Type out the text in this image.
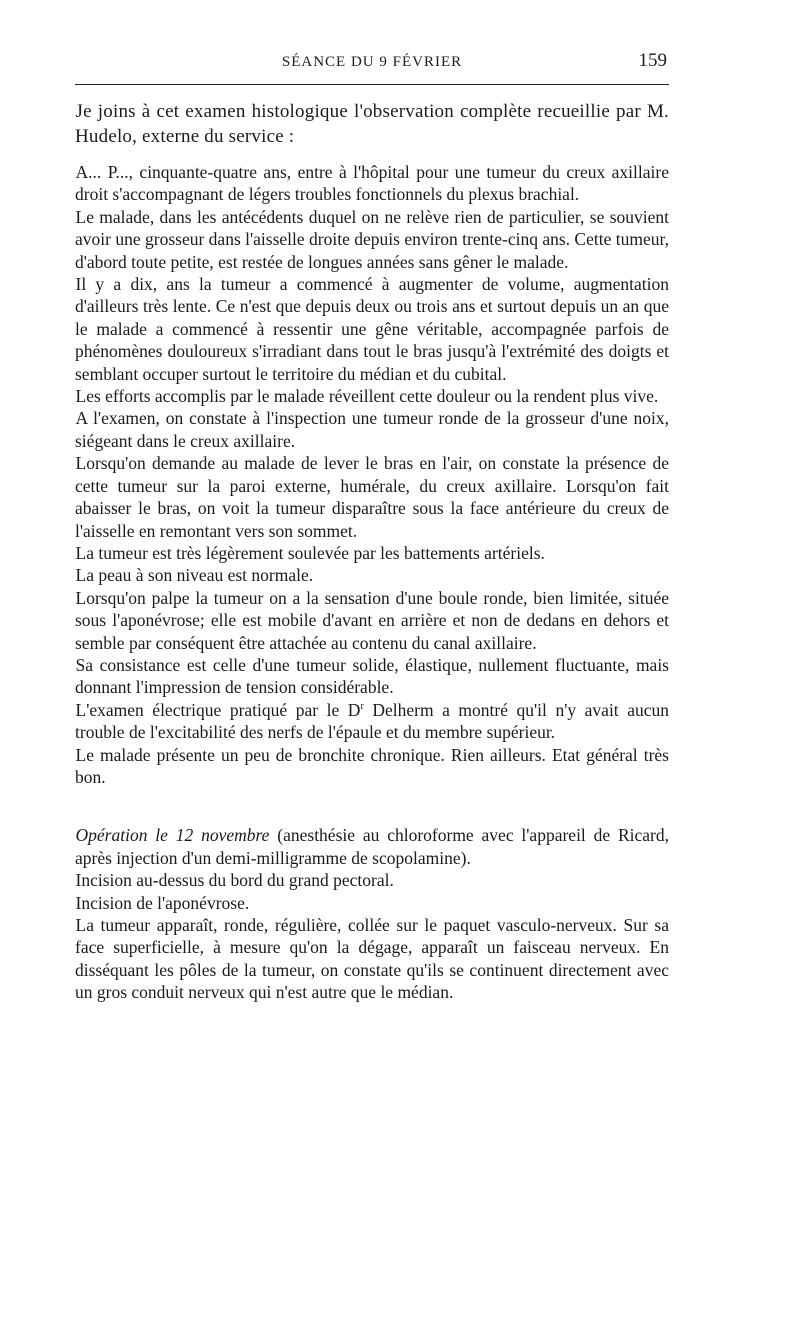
SÉANCE DU 9 FÉVRIER	159

Je joins à cet examen histologique l'observation complète recueillie par M. Hudelo, externe du service :

A... P..., cinquante-quatre ans, entre à l'hôpital pour une tumeur du creux axillaire droit s'accompagnant de légers troubles fonctionnels du plexus brachial.

Le malade, dans les antécédents duquel on ne relève rien de particulier, se souvient avoir une grosseur dans l'aisselle droite depuis environ trente-cinq ans. Cette tumeur, d'abord toute petite, est restée de longues années sans gêner le malade.

Il y a dix, ans la tumeur a commencé à augmenter de volume, augmentation d'ailleurs très lente. Ce n'est que depuis deux ou trois ans et surtout depuis un an que le malade a commencé à ressentir une gêne véritable, accompagnée parfois de phénomènes douloureux s'irradiant dans tout le bras jusqu'à l'extrémité des doigts et semblant occuper surtout le territoire du médian et du cubital.

Les efforts accomplis par le malade réveillent cette douleur ou la rendent plus vive.

A l'examen, on constate à l'inspection une tumeur ronde de la grosseur d'une noix, siégeant dans le creux axillaire.

Lorsqu'on demande au malade de lever le bras en l'air, on constate la présence de cette tumeur sur la paroi externe, humérale, du creux axillaire. Lorsqu'on fait abaisser le bras, on voit la tumeur disparaître sous la face antérieure du creux de l'aisselle en remontant vers son sommet.

La tumeur est très légèrement soulevée par les battements artériels.

La peau à son niveau est normale.

Lorsqu'on palpe la tumeur on a la sensation d'une boule ronde, bien limitée, située sous l'aponévrose; elle est mobile d'avant en arrière et non de dedans en dehors et semble par conséquent être attachée au contenu du canal axillaire.

Sa consistance est celle d'une tumeur solide, élastique, nullement fluctuante, mais donnant l'impression de tension considérable.

L'examen électrique pratiqué par le $D^r$ Delherm a montré qu'il n'y avait aucun trouble de l'excitabilité des nerfs de l'épaule et du membre supérieur.

Le malade présente un peu de bronchite chronique. Rien ailleurs. Etat général très bon.

Opération le 12 novembre (anesthésie au chloroforme avec l'appareil de Ricard, après injection d'un demi-milligramme de scopolamine).

Incision au-dessus du bord du grand pectoral.

Incision de l'aponévrose.

La tumeur apparaît, ronde, régulière, collée sur le paquet vasculo-nerveux. Sur sa face superficielle, à mesure qu'on la dégage, apparaît un faisceau nerveux. En disséquant les pôles de la tumeur, on constate qu'ils se continuent directement avec un gros conduit nerveux qui n'est autre que le médian.
